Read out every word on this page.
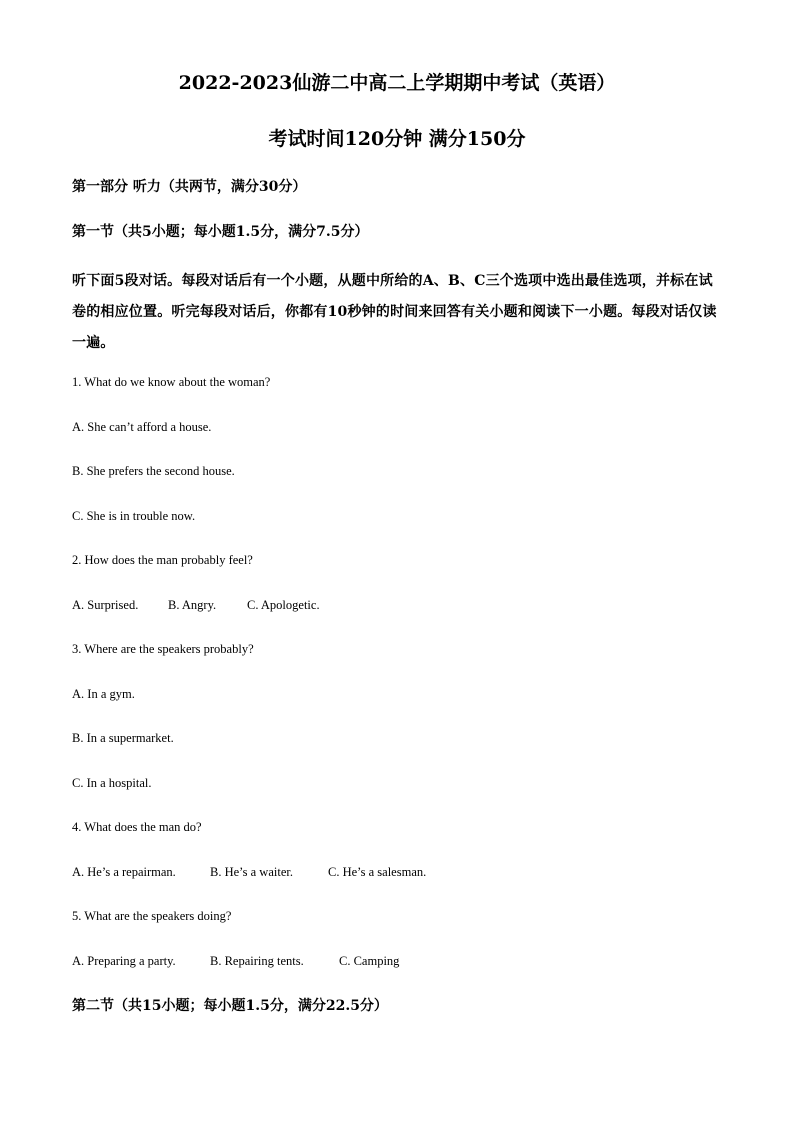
2022-2023仙游二中高二上学期期中考试（英语）
考试时间120分钟 满分150分
第一部分 听力（共两节，满分30分）
第一节（共5小题；每小题1.5分，满分7.5分）
听下面5段对话。每段对话后有一个小题，从题中所给的A、B、C三个选项中选出最佳选项，并标在试卷的相应位置。听完每段对话后，你都有10秒钟的时间来回答有关小题和阅读下一小题。每段对话仅读一遍。
1. What do we know about the woman?
A. She can’t afford a house.
B. She prefers the second house.
C. She is in trouble now.
2. How does the man probably feel?
A. Surprised. B. Angry. C. Apologetic.
3. Where are the speakers probably?
A. In a gym.
B. In a supermarket.
C. In a hospital.
4. What does the man do?
A. He’s a repairman.	B. He’s a waiter.	C. He’s a salesman.
5. What are the speakers doing?
A. Preparing a party.	B. Repairing tents.	C. Camping
第二节（共15小题；每小题1.5分，满分22.5分）
